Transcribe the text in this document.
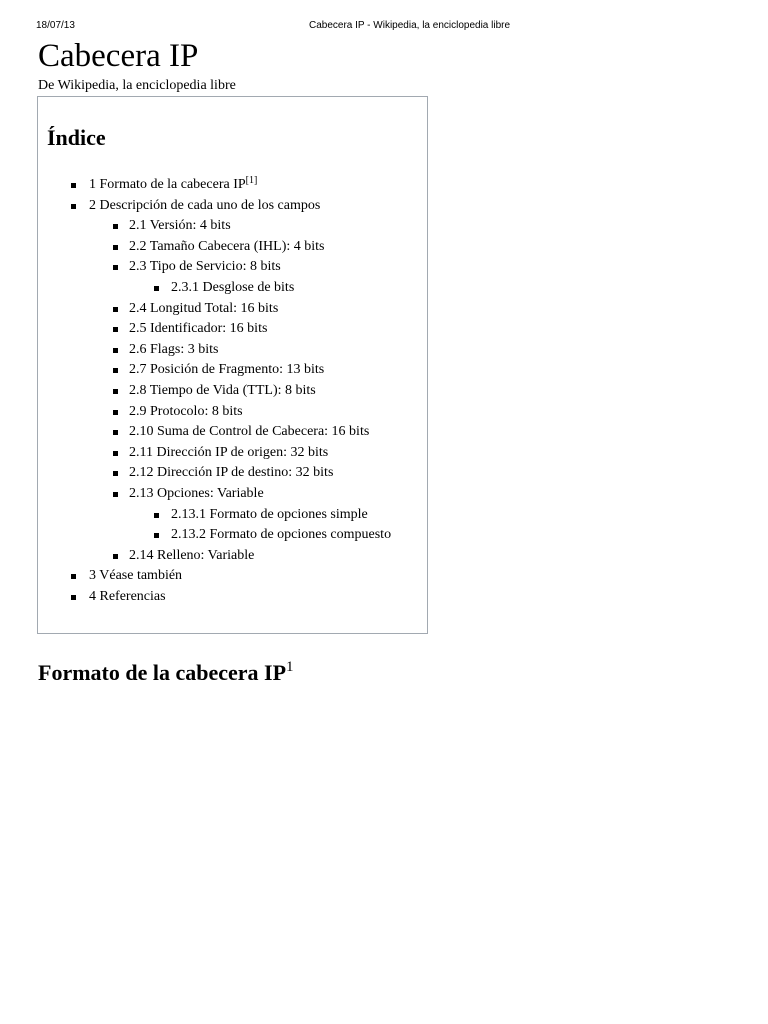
18/07/13	Cabecera IP - Wikipedia, la enciclopedia libre
Cabecera IP
De Wikipedia, la enciclopedia libre
Índice
1 Formato de la cabecera IP[1]
2 Descripción de cada uno de los campos
2.1 Versión: 4 bits
2.2 Tamaño Cabecera (IHL): 4 bits
2.3 Tipo de Servicio: 8 bits
2.3.1 Desglose de bits
2.4 Longitud Total: 16 bits
2.5 Identificador: 16 bits
2.6 Flags: 3 bits
2.7 Posición de Fragmento: 13 bits
2.8 Tiempo de Vida (TTL): 8 bits
2.9 Protocolo: 8 bits
2.10 Suma de Control de Cabecera: 16 bits
2.11 Dirección IP de origen: 32 bits
2.12 Dirección IP de destino: 32 bits
2.13 Opciones: Variable
2.13.1 Formato de opciones simple
2.13.2 Formato de opciones compuesto
2.14 Relleno: Variable
3 Véase también
4 Referencias
Formato de la cabecera $IP^1$
